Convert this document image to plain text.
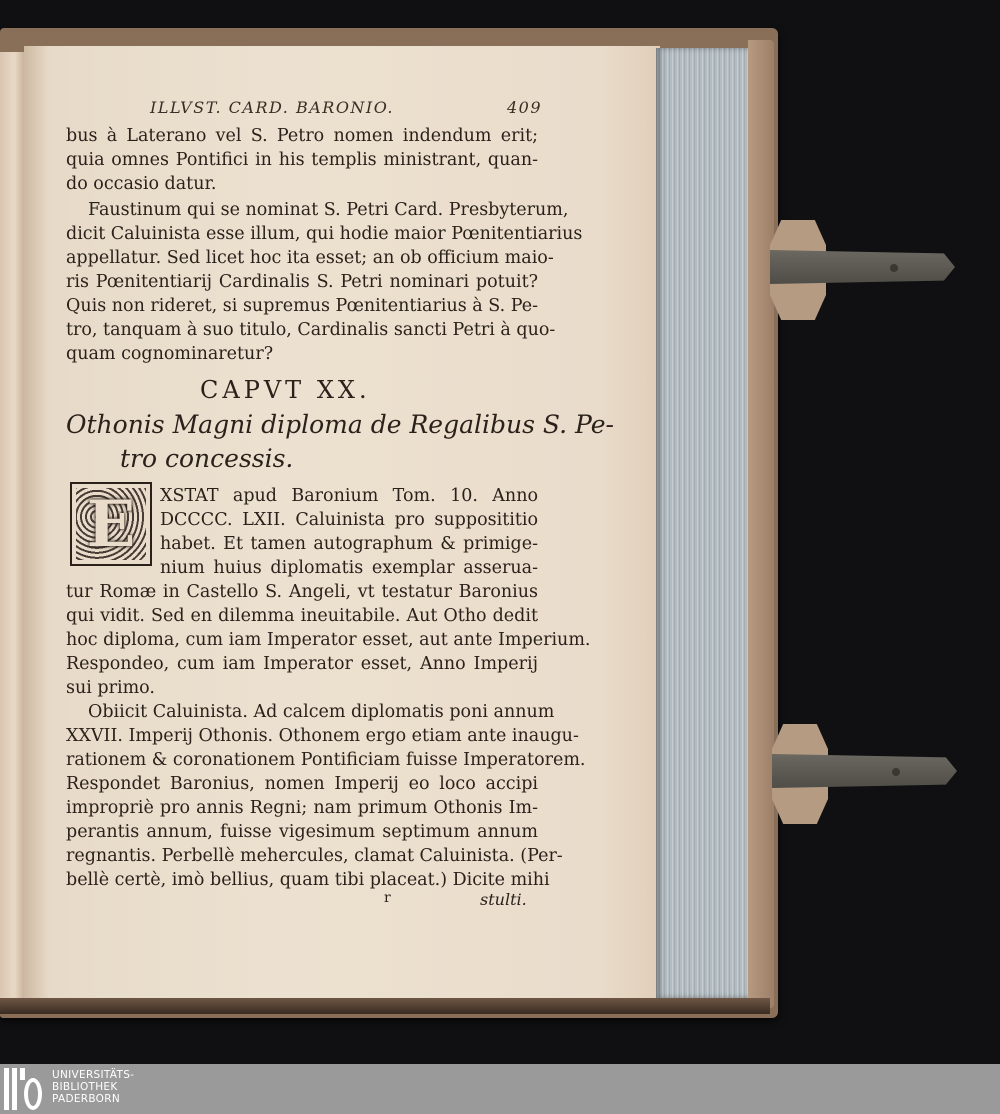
ILLVST. CARD. BARONIO.	409
bus à Laterano vel S. Petro nomen indendum erit;
quia omnes Pontifici in his templis ministrant, quan-
do occasio datur.
Faustinum qui se nominat S. Petri Card. Presbyterum,
dicit Caluinista esse illum, qui hodie maior Pœnitentiarius
appellatur. Sed licet hoc ita esset; an ob officium maio-
ris Pœnitentiarij Cardinalis S. Petri nominari potuit?
Quis non rideret, si supremus Pœnitentiarius à S. Pe-
tro, tanquam à suo titulo, Cardinalis sancti Petri à quo-
quam cognominaretur?
CAPVT XX.
Othonis Magni diploma de Regalibus S. Pe-
tro concessis.
E	XSTAT apud Baronium Tom. 10. Anno
DCCCC. LXII. Caluinista pro supposititio
habet. Et tamen autographum & primige-
nium huius diplomatis exemplar asserua-
tur Romæ in Castello S. Angeli, vt testatur Baronius
qui vidit. Sed en dilemma ineuitabile. Aut Otho dedit
hoc diploma, cum iam Imperator esset, aut ante Imperium.
Respondeo, cum iam Imperator esset, Anno Imperij
sui primo.
Obiicit Caluinista. Ad calcem diplomatis poni annum
XXVII. Imperij Othonis. Othonem ergo etiam ante inaugu-
rationem & coronationem Pontificiam fuisse Imperatorem.
Respondet Baronius, nomen Imperij eo loco accipi
impropriè pro annis Regni; nam primum Othonis Im-
perantis annum, fuisse vigesimum septimum annum
regnantis. Perbellè mehercules, clamat Caluinista. (Per-
bellè certè, imò bellius, quam tibi placeat.) Dicite mihi
r	stulti.
UNIVERSITÄTS-
BIBLIOTHEK
PADERBORN
